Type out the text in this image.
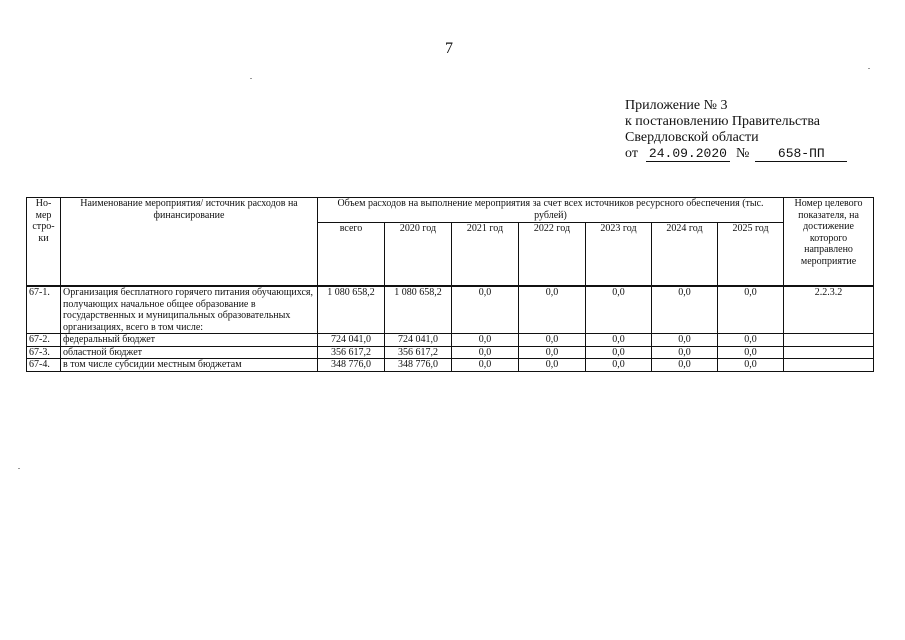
7
Приложение № 3
к постановлению Правительства
Свердловской области
от 24.09.2020 №	658-ПП
Но-мер стро-ки	Наименование мероприятия/ источник расходов на финансирование	Объем расходов на выполнение мероприятия за счет всех источников ресурсного обеспечения (тыс. рублей)							Номер целевого показателя, на достижение которого направлено мероприятие
		всего	2020 год	2021 год	2022 год	2023 год	2024 год	2025 год	
67-1.	Организация бесплатного горячего питания обучающихся, получающих начальное общее образование в государственных и муниципальных образовательных организациях, всего в том числе:	1 080 658,2	1 080 658,2	0,0	0,0	0,0	0,0	0,0	2.2.3.2
67-2.	федеральный бюджет	724 041,0	724 041,0	0,0	0,0	0,0	0,0	0,0	
67-3.	областной бюджет	356 617,2	356 617,2	0,0	0,0	0,0	0,0	0,0	
67-4.	в том числе субсидии местным бюджетам	348 776,0	348 776,0	0,0	0,0	0,0	0,0	0,0	
